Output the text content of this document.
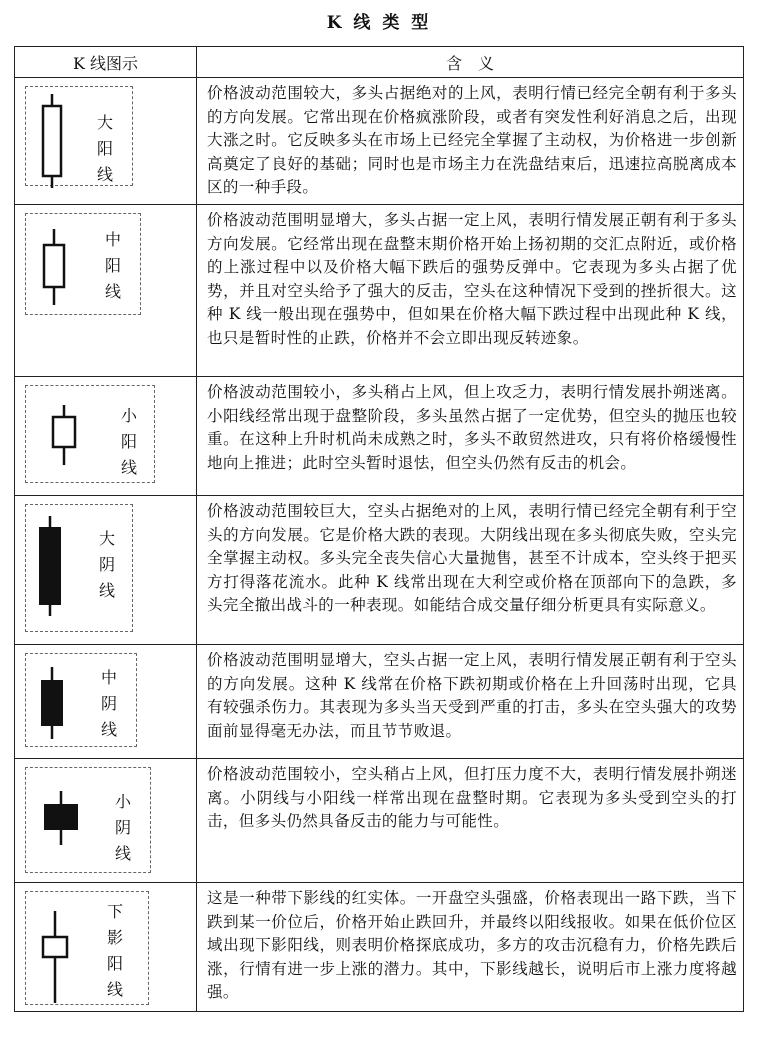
K 线 类 型
K 线图示	含　义

大
阳
线	价格波动范围较大，多头占据绝对的上风，表明行情已经完全朝有利于多头的方向发展。它常出现在价格疯涨阶段，或者有突发性利好消息之后，出现大涨之时。它反映多头在市场上已经完全掌握了主动权，为价格进一步创新高奠定了良好的基础；同时也是市场主力在洗盘结束后，迅速拉高脱离成本区的一种手段。

中
阳
线	价格波动范围明显增大，多头占据一定上风，表明行情发展正朝有利于多头方向发展。它经常出现在盘整末期价格开始上扬初期的交汇点附近，或价格的上涨过程中以及价格大幅下跌后的强势反弹中。它表现为多头占据了优势，并且对空头给予了强大的反击，空头在这种情况下受到的挫折很大。这种 K 线一般出现在强势中，但如果在价格大幅下跌过程中出现此种 K 线，也只是暂时性的止跌，价格并不会立即出现反转迹象。

小
阳
线	价格波动范围较小，多头稍占上风，但上攻乏力，表明行情发展扑朔迷离。小阳线经常出现于盘整阶段，多头虽然占据了一定优势，但空头的抛压也较重。在这种上升时机尚未成熟之时，多头不敢贸然进攻，只有将价格缓慢性地向上推进；此时空头暂时退怯，但空头仍然有反击的机会。

大
阴
线	价格波动范围较巨大，空头占据绝对的上风，表明行情已经完全朝有利于空头的方向发展。它是价格大跌的表现。大阴线出现在多头彻底失败，空头完全掌握主动权。多头完全丧失信心大量抛售，甚至不计成本，空头终于把买方打得落花流水。此种 K 线常出现在大利空或价格在顶部向下的急跌，多头完全撤出战斗的一种表现。如能结合成交量仔细分析更具有实际意义。

中
阴
线	价格波动范围明显增大，空头占据一定上风，表明行情发展正朝有利于空头的方向发展。这种 K 线常在价格下跌初期或价格在上升回荡时出现，它具有较强杀伤力。其表现为多头当天受到严重的打击，多头在空头强大的攻势面前显得毫无办法，而且节节败退。

小
阴
线	价格波动范围较小，空头稍占上风，但打压力度不大，表明行情发展扑朔迷离。小阴线与小阳线一样常出现在盘整时期。它表现为多头受到空头的打击，但多头仍然具备反击的能力与可能性。

下
影
阳
线	这是一种带下影线的红实体。一开盘空头强盛，价格表现出一路下跌，当下跌到某一价位后，价格开始止跌回升，并最终以阳线报收。如果在低价位区域出现下影阳线，则表明价格探底成功，多方的攻击沉稳有力，价格先跌后涨，行情有进一步上涨的潜力。其中，下影线越长，说明后市上涨力度将越强。
